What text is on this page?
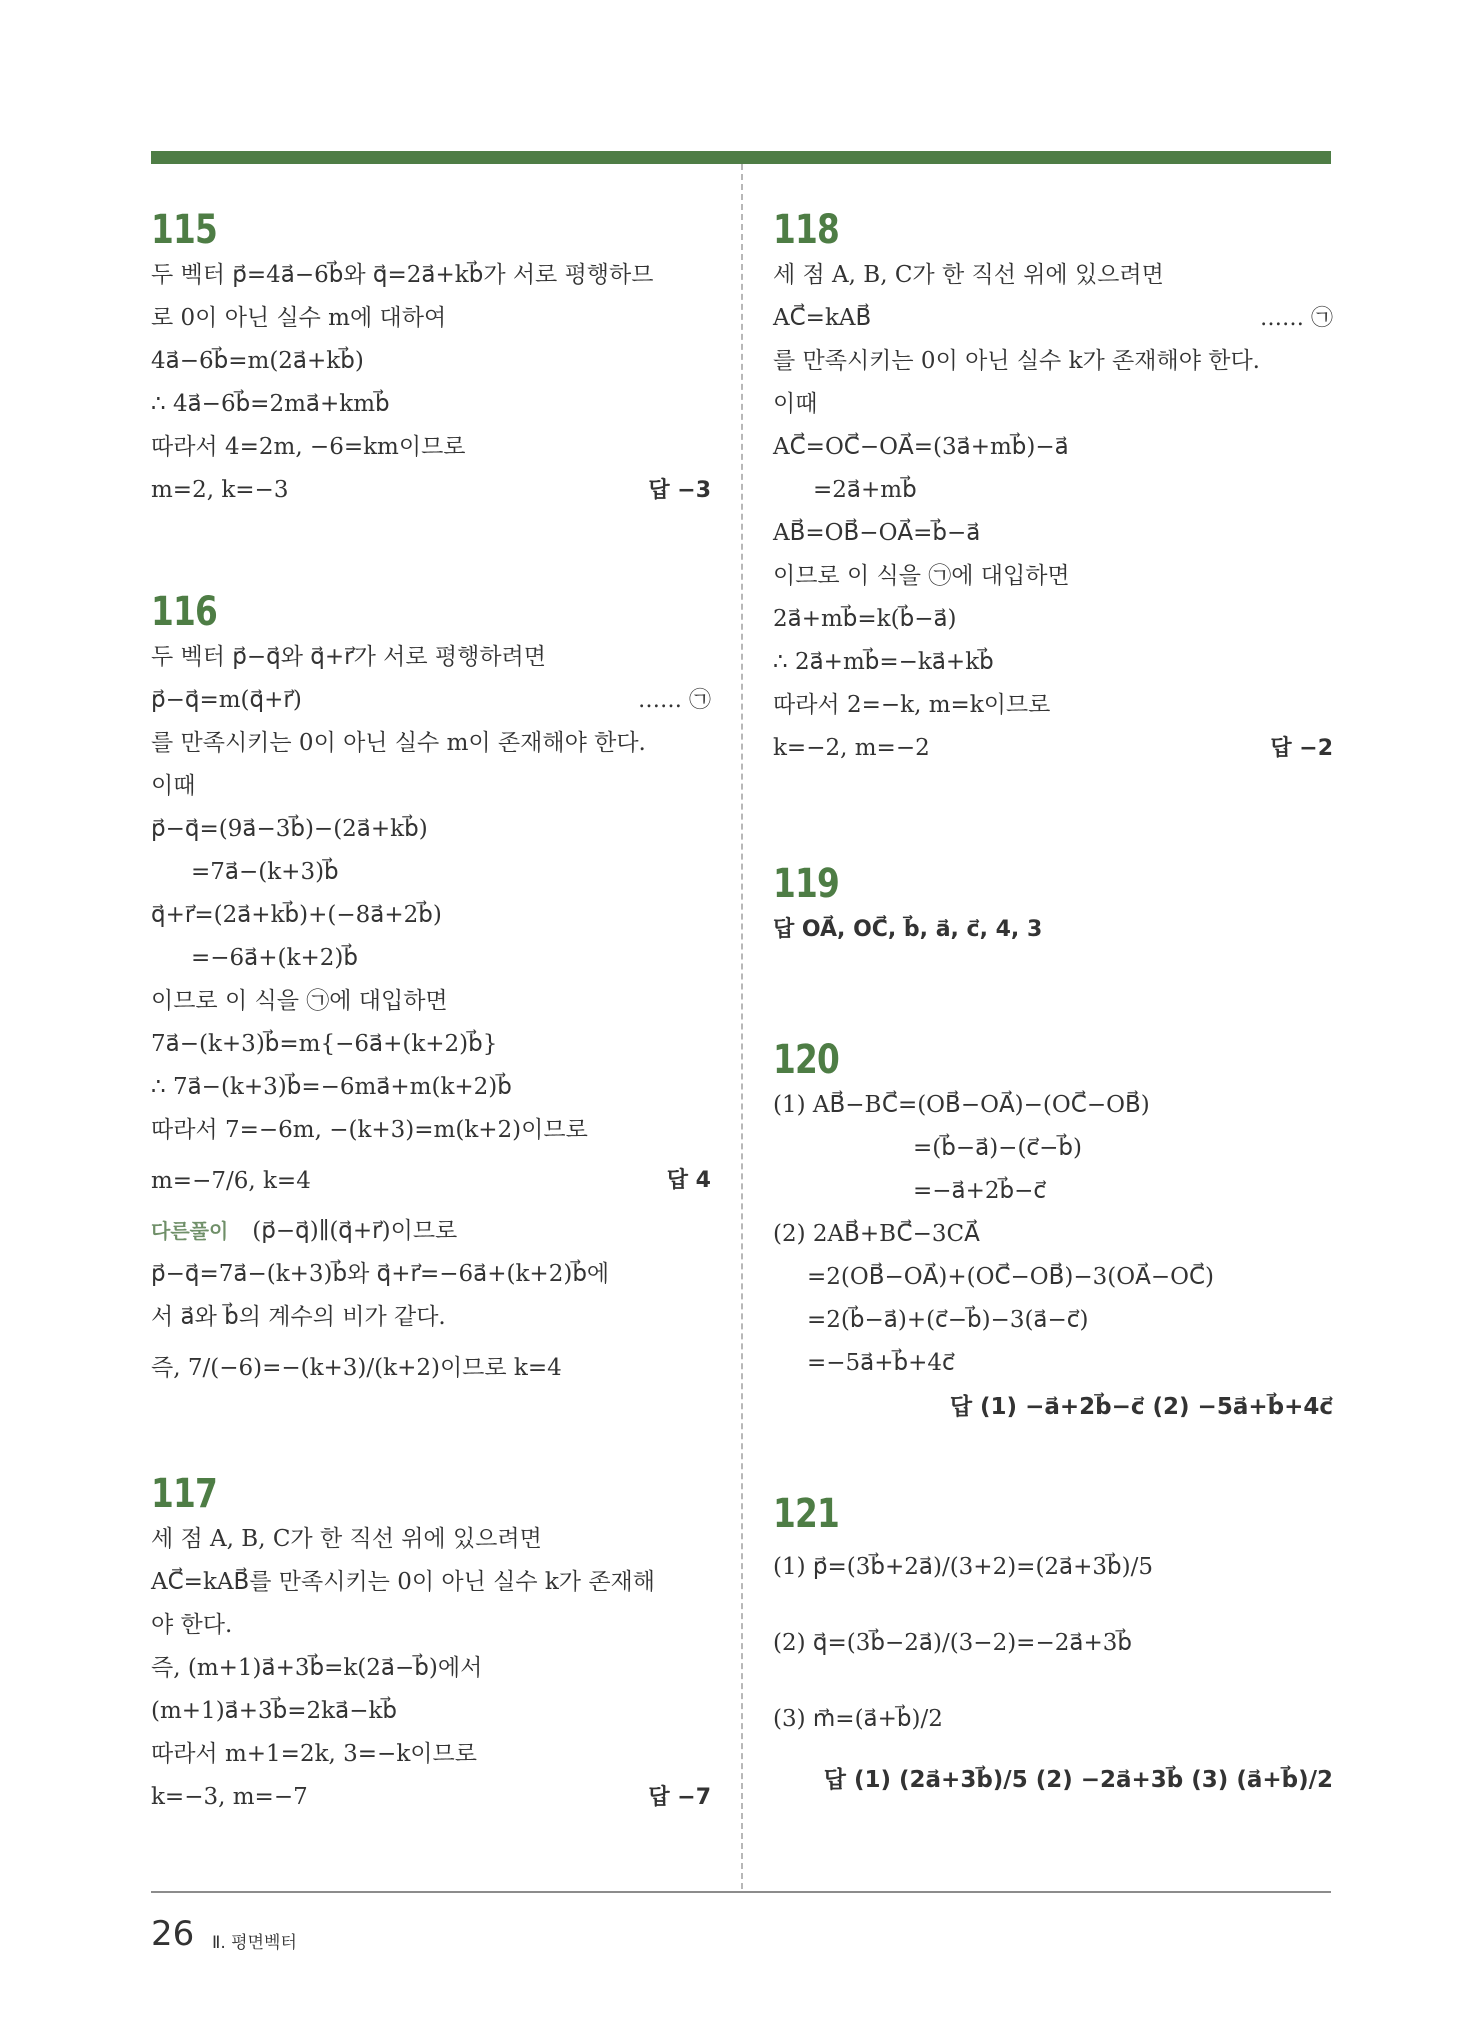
115
두 벡터 p⃗=4a⃗−6b⃗와 q⃗=2a⃗+kb⃗가 서로 평행하므
로 0이 아닌 실수 m에 대하여
4a⃗−6b⃗=m(2a⃗+kb⃗)
∴ 4a⃗−6b⃗=2ma⃗+kmb⃗
따라서 4=2m, −6=km이므로
m=2, k=−3	답 −3
116
두 벡터 p⃗−q⃗와 q⃗+r⃗가 서로 평행하려면
p⃗−q⃗=m(q⃗+r⃗)	…… ㉠
를 만족시키는 0이 아닌 실수 m이 존재해야 한다.
이때
p⃗−q⃗=(9a⃗−3b⃗)−(2a⃗+kb⃗)
=7a⃗−(k+3)b⃗
q⃗+r⃗=(2a⃗+kb⃗)+(−8a⃗+2b⃗)
=−6a⃗+(k+2)b⃗
이므로 이 식을 ㉠에 대입하면
7a⃗−(k+3)b⃗=m{−6a⃗+(k+2)b⃗}
∴ 7a⃗−(k+3)b⃗=−6ma⃗+m(k+2)b⃗
따라서 7=−6m, −(k+3)=m(k+2)이므로
m=−7/6, k=4	답 4
다른풀이 (p⃗−q⃗)∥(q⃗+r⃗)이므로
p⃗−q⃗=7a⃗−(k+3)b⃗와 q⃗+r⃗=−6a⃗+(k+2)b⃗에
서 a⃗와 b⃗의 계수의 비가 같다.
즉, 7/(−6)=−(k+3)/(k+2)이므로 k=4
117
세 점 A, B, C가 한 직선 위에 있으려면
AC⃗=kAB⃗를 만족시키는 0이 아닌 실수 k가 존재해
야 한다.
즉, (m+1)a⃗+3b⃗=k(2a⃗−b⃗)에서
(m+1)a⃗+3b⃗=2ka⃗−kb⃗
따라서 m+1=2k, 3=−k이므로
k=−3, m=−7	답 −7
118
세 점 A, B, C가 한 직선 위에 있으려면
AC⃗=kAB⃗	…… ㉠
를 만족시키는 0이 아닌 실수 k가 존재해야 한다.
이때
AC⃗=OC⃗−OA⃗=(3a⃗+mb⃗)−a⃗
=2a⃗+mb⃗
AB⃗=OB⃗−OA⃗=b⃗−a⃗
이므로 이 식을 ㉠에 대입하면
2a⃗+mb⃗=k(b⃗−a⃗)
∴ 2a⃗+mb⃗=−ka⃗+kb⃗
따라서 2=−k, m=k이므로
k=−2, m=−2	답 −2
119
답 OA⃗, OC⃗, b⃗, a⃗, c⃗, 4, 3
120
(1) AB⃗−BC⃗=(OB⃗−OA⃗)−(OC⃗−OB⃗)
=(b⃗−a⃗)−(c⃗−b⃗)
=−a⃗+2b⃗−c⃗
(2) 2AB⃗+BC⃗−3CA⃗
=2(OB⃗−OA⃗)+(OC⃗−OB⃗)−3(OA⃗−OC⃗)
=2(b⃗−a⃗)+(c⃗−b⃗)−3(a⃗−c⃗)
=−5a⃗+b⃗+4c⃗
답 (1) −a⃗+2b⃗−c⃗ (2) −5a⃗+b⃗+4c⃗
121
(1) p⃗=(3b⃗+2a⃗)/(3+2)=(2a⃗+3b⃗)/5
(2) q⃗=(3b⃗−2a⃗)/(3−2)=−2a⃗+3b⃗
(3) m⃗=(a⃗+b⃗)/2
답 (1) (2a⃗+3b⃗)/5 (2) −2a⃗+3b⃗ (3) (a⃗+b⃗)/2
26 Ⅱ. 평면벡터
